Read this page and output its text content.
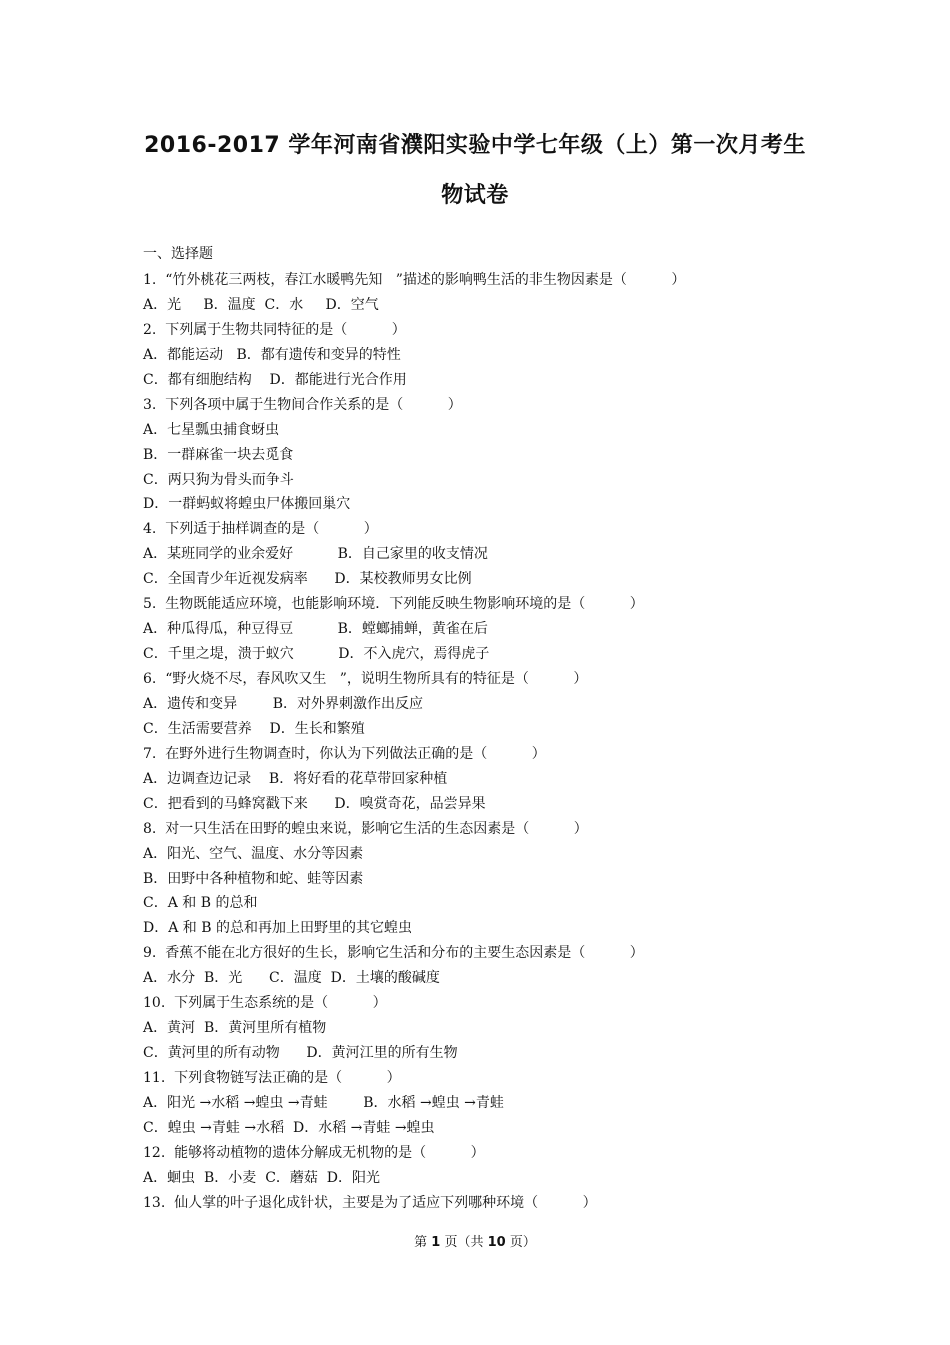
2016-2017 学年河南省濮阳实验中学七年级（上）第一次月考生
物试卷
一、选择题
1.  “竹外桃花三两枝，春江水暖鸭先知   ”描述的影响鸭生活的非生物因素是（          ）
A．光     B．温度  C．水     D．空气
2.  下列属于生物共同特征的是（          ）
A．都能运动   B．都有遗传和变异的特性
C．都有细胞结构    D．都能进行光合作用
3.  下列各项中属于生物间合作关系的是（          ）
A．七星瓢虫捕食蚜虫
B．一群麻雀一块去觅食
C．两只狗为骨头而争斗
D．一群蚂蚁将蝗虫尸体搬回巢穴
4.  下列适于抽样调查的是（          ）
A．某班同学的业余爱好          B．自己家里的收支情况
C．全国青少年近视发病率      D．某校教师男女比例
5.  生物既能适应环境，也能影响环境．下列能反映生物影响环境的是（          ）
A．种瓜得瓜，种豆得豆          B．螳螂捕蝉，黄雀在后
C．千里之堤，溃于蚁穴          D．不入虎穴，焉得虎子
6.  “野火烧不尽，春风吹又生   ”，说明生物所具有的特征是（          ）
A．遗传和变异        B．对外界刺激作出反应
C．生活需要营养    D．生长和繁殖
7.  在野外进行生物调查时，你认为下列做法正确的是（          ）
A．边调查边记录    B．将好看的花草带回家种植
C．把看到的马蜂窝戳下来      D．嗅赏奇花，品尝异果
8.  对一只生活在田野的蝗虫来说，影响它生活的生态因素是（          ）
A．阳光、空气、温度、水分等因素
B．田野中各种植物和蛇、蛙等因素
C．A 和 B 的总和
D．A 和 B 的总和再加上田野里的其它蝗虫
9.  香蕉不能在北方很好的生长，影响它生活和分布的主要生态因素是（          ）
A．水分  B．光      C．温度  D．土壤的酸碱度
10.  下列属于生态系统的是（          ）
A．黄河  B．黄河里所有植物
C．黄河里的所有动物      D．黄河江里的所有生物
11.  下列食物链写法正确的是（          ）
A．阳光 →水稻 →蝗虫 →青蛙        B．水稻 →蝗虫 →青蛙
C．蝗虫 →青蛙 →水稻  D．水稻 →青蛙 →蝗虫
12.  能够将动植物的遗体分解成无机物的是（          ）
A．蛔虫  B．小麦  C．蘑菇  D．阳光
13.  仙人掌的叶子退化成针状，主要是为了适应下列哪种环境（          ）
第 1 页（共 10 页）
